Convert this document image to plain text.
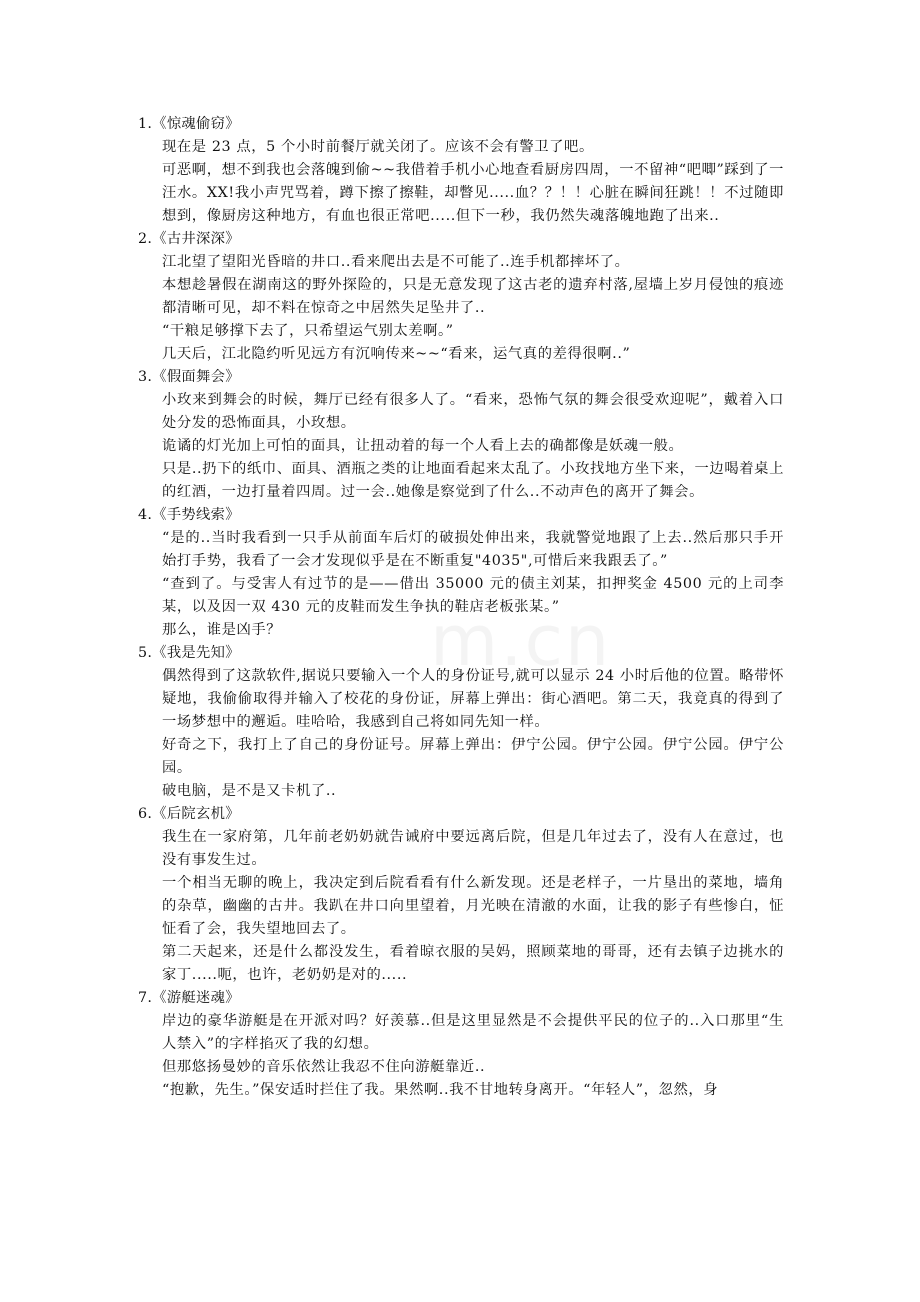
1.《惊魂偷窃》
现在是 23 点，5 个小时前餐厅就关闭了。应该不会有警卫了吧。
可恶啊，想不到我也会落魄到偷~~我借着手机小心地查看厨房四周，一不留神“吧唧”踩到了一汪水。XX!我小声咒骂着，蹲下擦了擦鞋，却瞥见.....血？？！！心脏在瞬间狂跳！！不过随即想到，像厨房这种地方，有血也很正常吧.....但下一秒，我仍然失魂落魄地跑了出来..
2.《古井深深》
江北望了望阳光昏暗的井口..看来爬出去是不可能了..连手机都摔坏了。
本想趁暑假在湖南这的野外探险的，只是无意发现了这古老的遗弃村落,屋墙上岁月侵蚀的痕迹都清晰可见，却不料在惊奇之中居然失足坠井了..
“干粮足够撑下去了，只希望运气别太差啊。”
几天后，江北隐约听见远方有沉响传来~~“看来，运气真的差得很啊..”
3.《假面舞会》
小玫来到舞会的时候，舞厅已经有很多人了。“看来，恐怖气氛的舞会很受欢迎呢”，戴着入口处分发的恐怖面具，小玫想。
诡谲的灯光加上可怕的面具，让扭动着的每一个人看上去的确都像是妖魂一般。
只是..扔下的纸巾、面具、酒瓶之类的让地面看起来太乱了。小玫找地方坐下来，一边喝着桌上的红酒，一边打量着四周。过一会..她像是察觉到了什么..不动声色的离开了舞会。
4.《手势线索》
“是的..当时我看到一只手从前面车后灯的破损处伸出来，我就警觉地跟了上去..然后那只手开始打手势，我看了一会才发现似乎是在不断重复"4035",可惜后来我跟丢了。”
“查到了。与受害人有过节的是——借出 35000 元的债主刘某，扣押奖金 4500 元的上司李某，以及因一双 430 元的皮鞋而发生争执的鞋店老板张某。”
那么，谁是凶手？
5.《我是先知》
偶然得到了这款软件,据说只要输入一个人的身份证号,就可以显示 24 小时后他的位置。略带怀疑地，我偷偷取得并输入了校花的身份证，屏幕上弹出：街心酒吧。第二天，我竟真的得到了一场梦想中的邂逅。哇哈哈，我感到自己将如同先知一样。
好奇之下，我打上了自己的身份证号。屏幕上弹出：伊宁公园。伊宁公园。伊宁公园。伊宁公园。
破电脑，是不是又卡机了..
6.《后院玄机》
我生在一家府第，几年前老奶奶就告诫府中要远离后院，但是几年过去了，没有人在意过，也没有事发生过。
一个相当无聊的晚上，我决定到后院看看有什么新发现。还是老样子，一片垦出的菜地，墙角的杂草，幽幽的古井。我趴在井口向里望着，月光映在清澈的水面，让我的影子有些惨白，怔怔看了会，我失望地回去了。
第二天起来，还是什么都没发生，看着晾衣服的吴妈，照顾菜地的哥哥，还有去镇子边挑水的家丁.....呃，也许，老奶奶是对的.....
7.《游艇迷魂》
岸边的豪华游艇是在开派对吗？好羡慕..但是这里显然是不会提供平民的位子的..入口那里“生人禁入”的字样掐灭了我的幻想。
但那悠扬曼妙的音乐依然让我忍不住向游艇靠近..
“抱歉，先生。”保安适时拦住了我。果然啊..我不甘地转身离开。“年轻人”，忽然，身
